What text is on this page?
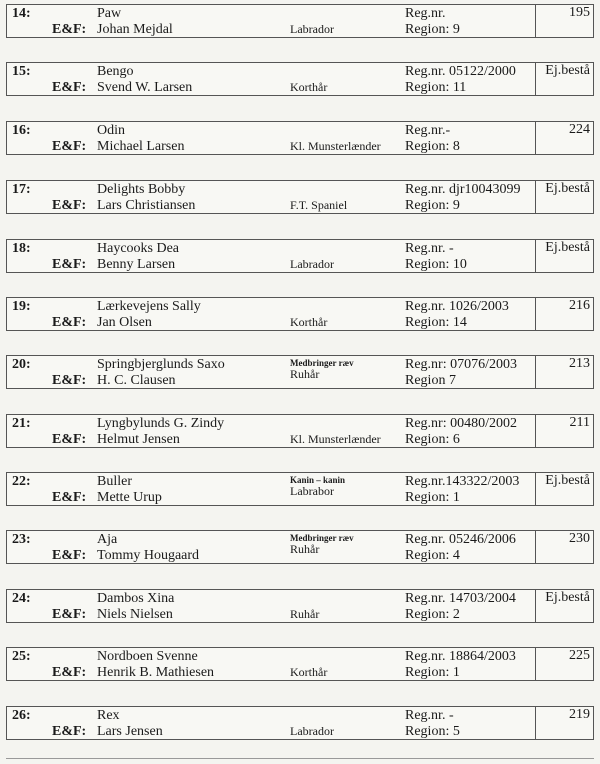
14:
E&F:
Paw
Johan Mejdal	Labrador
Reg.nr.
Region: 9
195
15:
E&F:
Bengo
Svend W. Larsen	Korthår
Reg.nr. 05122/2000
Region: 11
Ej.bestå
16:
E&F:
Odin
Michael Larsen	Kl. Munsterlænder
Reg.nr.-
Region: 8
224
17:
E&F:
Delights Bobby
Lars Christiansen	F.T. Spaniel
Reg.nr. djr10043099
Region: 9
Ej.bestå
18:
E&F:
Haycooks Dea
Benny Larsen	Labrador
Reg.nr. -
Region: 10
Ej.bestå
19:
E&F:
Lærkevejens Sally
Jan Olsen	Korthår
Reg.nr. 1026/2003
Region: 14
216
20:
E&F:
Springbjerglunds Saxo
H. C. Clausen
Medbringer ræv
Ruhår
Reg.nr: 07076/2003
Region 7
213
21:
E&F:
Lyngbylunds G. Zindy
Helmut Jensen	Kl. Munsterlænder
Reg.nr: 00480/2002
Region: 6
211
22:
E&F:
Buller
Mette Urup
Kanin – kanin
Labrabor
Reg.nr.143322/2003
Region: 1
Ej.bestå
23:
E&F:
Aja
Tommy Hougaard
Medbringer ræv
Ruhår
Reg.nr. 05246/2006
Region: 4
230
24:
E&F:
Dambos Xina
Niels Nielsen	Ruhår
Reg.nr. 14703/2004
Region: 2
Ej.bestå
25:
E&F:
Nordboen Svenne
Henrik B. Mathiesen	Korthår
Reg.nr. 18864/2003
Region: 1
225
26:
E&F:
Rex
Lars Jensen	Labrador
Reg.nr. -
Region: 5
219
